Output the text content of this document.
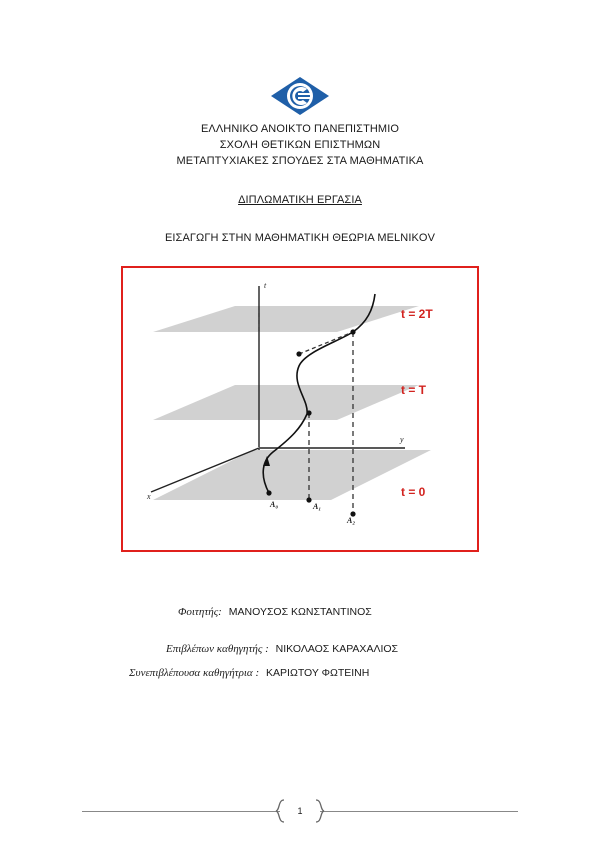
ΕΛΛΗΝΙΚΟ ΑΝΟΙΚΤΟ ΠΑΝΕΠΙΣΤΗΜΙΟ
ΣΧΟΛΗ ΘΕΤΙΚΩΝ ΕΠΙΣΤΗΜΩΝ
ΜΕΤΑΠΤΥΧΙΑΚΕΣ ΣΠΟΥΔΕΣ ΣΤΑ ΜΑΘΗΜΑΤΙΚΑ
ΔΙΠΛΩΜΑΤΙΚΗ ΕΡΓΑΣΙΑ
ΕΙΣΑΓΩΓΗ ΣΤΗΝ ΜΑΘΗΜΑΤΙΚΗ ΘΕΩΡΙΑ MELNIKOV
t
x
y
t = 2T
t = T
t = 0
A₀	A₁
A₂
Φοιτητής: ΜΑΝΟΥΣΟΣ ΚΩΝΣΤΑΝΤΙΝΟΣ
Επιβλέπων καθηγητής : ΝΙΚΟΛΑΟΣ ΚΑΡΑΧΑΛΙΟΣ
Συνεπιβλέπουσα καθηγήτρια : ΚΑΡΙΩΤΟΥ ΦΩΤΕΙΝΗ
1
